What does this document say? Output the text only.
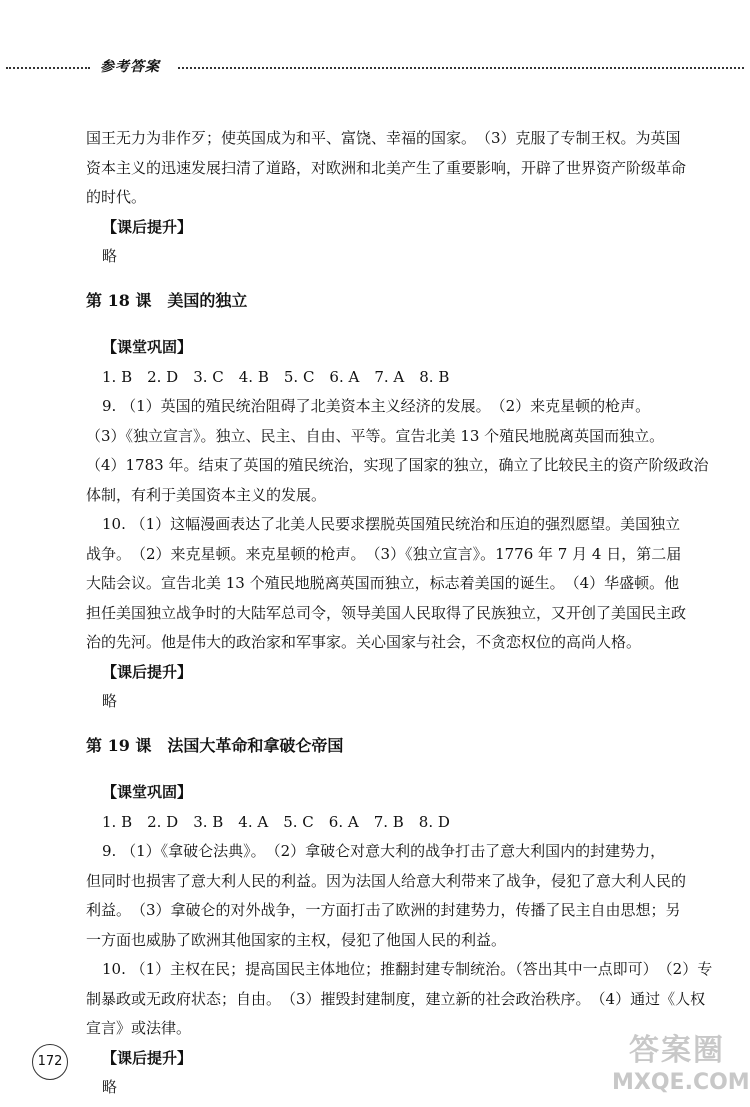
参考答案

国王无力为非作歹；使英国成为和平、富饶、幸福的国家。　（3）克服了专制王权。为英国

资本主义的迅速发展扫清了道路，对欧洲和北美产生了重要影响，开辟了世界资产阶级革命

的时代。

【课后提升】

略

第 18 课 美国的独立

【课堂巩固】

1. B　2. D　3. C　4. B　5. C　6. A　7. A　8. B

9. （1）英国的殖民统治阻碍了北美资本主义经济的发展。　（2）来克星顿的枪声。

（3）《独立宣言》。独立、民主、自由、平等。宣告北美 13 个殖民地脱离英国而独立。

（4）1783 年。结束了英国的殖民统治，实现了国家的独立，确立了比较民主的资产阶级政治

体制，有利于美国资本主义的发展。

10. （1）这幅漫画表达了北美人民要求摆脱英国殖民统治和压迫的强烈愿望。美国独立

战争。　（2）来克星顿。来克星顿的枪声。　（3）《独立宣言》。1776 年 7 月 4 日，第二届

大陆会议。宣告北美 13 个殖民地脱离英国而独立，标志着美国的诞生。　（4）华盛顿。他

担任美国独立战争时的大陆军总司令，领导美国人民取得了民族独立，又开创了美国民主政

治的先河。他是伟大的政治家和军事家。关心国家与社会，不贪恋权位的高尚人格。

【课后提升】

略

第 19 课 法国大革命和拿破仑帝国

【课堂巩固】

1. B　2. D　3. B　4. A　5. C　6. A　7. B　8. D

9. （1）《拿破仑法典》。　（2）拿破仑对意大利的战争打击了意大利国内的封建势力，

但同时也损害了意大利人民的利益。因为法国人给意大利带来了战争，侵犯了意大利人民的

利益。　（3）拿破仑的对外战争，一方面打击了欧洲的封建势力，传播了民主自由思想；另

一方面也威胁了欧洲其他国家的主权，侵犯了他国人民的利益。

10. （1）主权在民；提高国民主体地位；推翻封建专制统治。（答出其中一点即可）　（2）专

制暴政或无政府状态；自由。　（3）摧毁封建制度，建立新的社会政治秩序。　（4）通过《人权

宣言》或法律。

【课后提升】

略

172	答案圈
MXQE.COM
